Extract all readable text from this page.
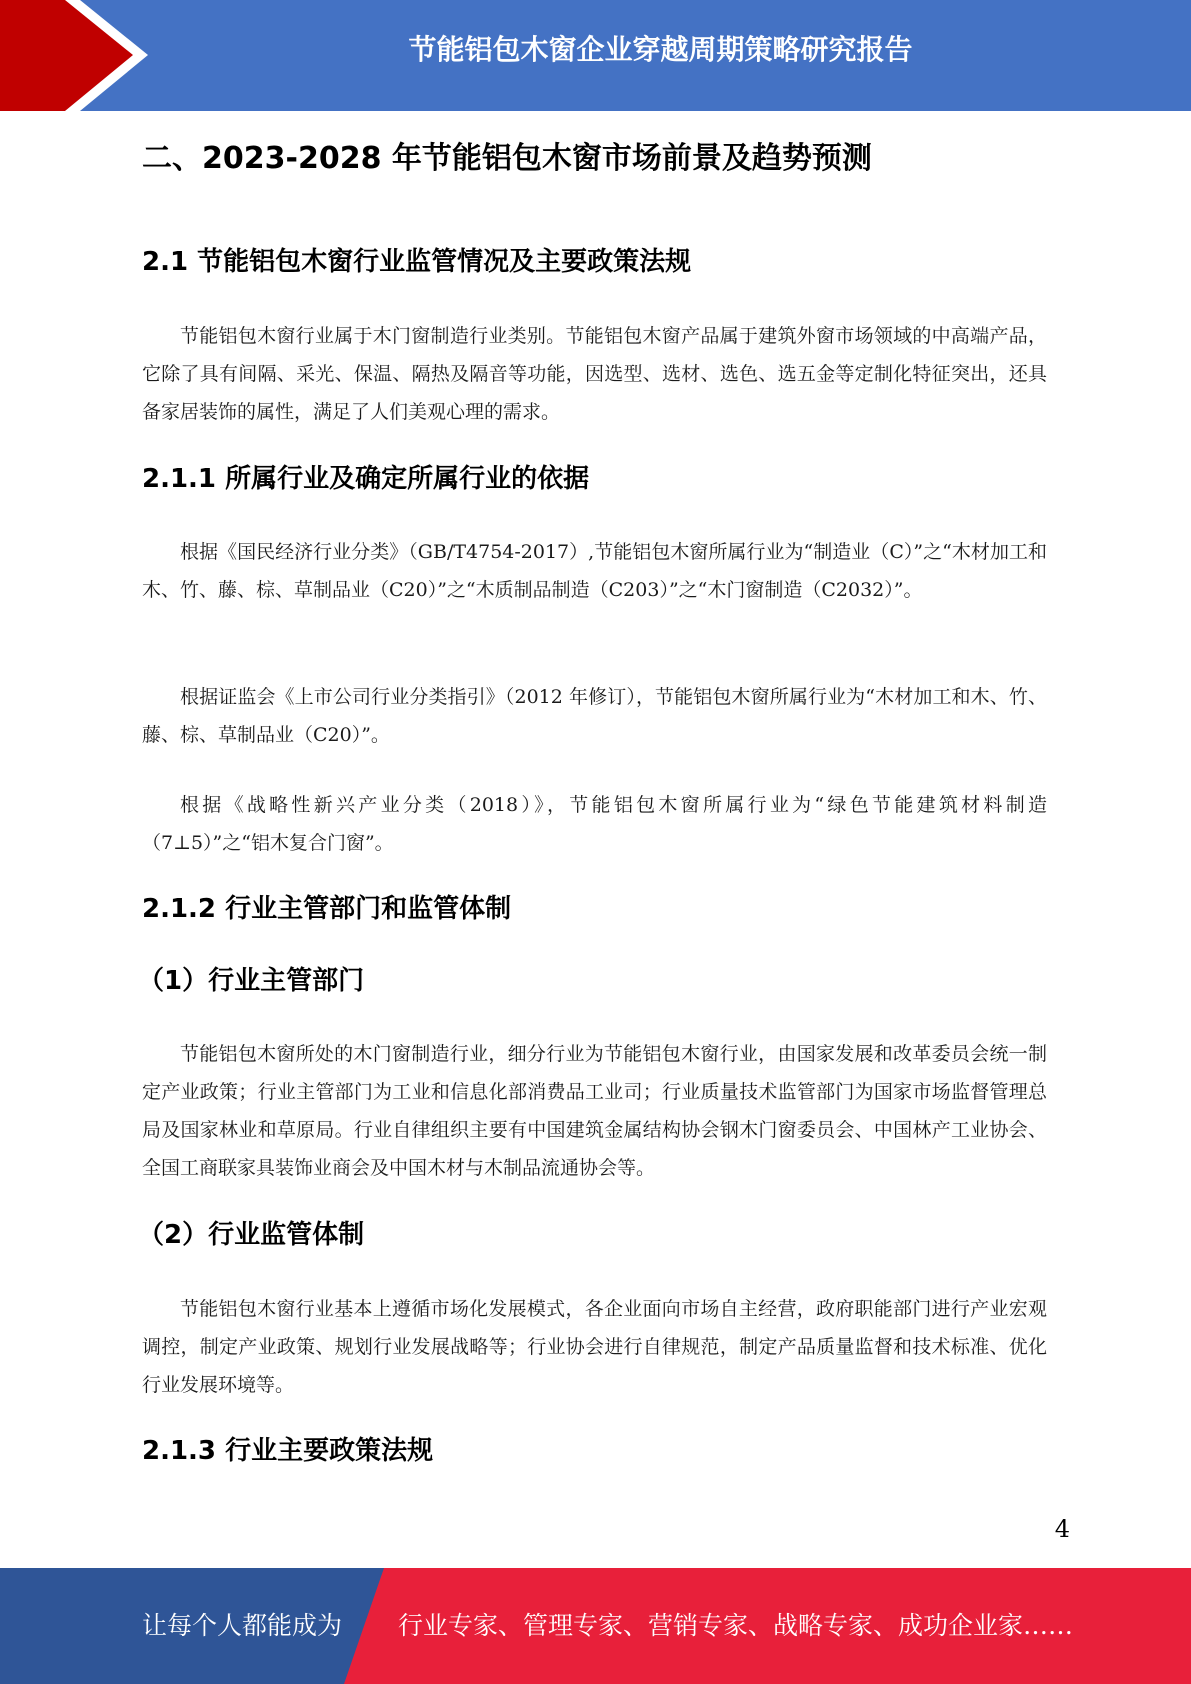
节能铝包木窗企业穿越周期策略研究报告
二、2023-2028 年节能铝包木窗市场前景及趋势预测
2.1 节能铝包木窗行业监管情况及主要政策法规

节能铝包木窗行业属于木门窗制造行业类别。节能铝包木窗产品属于建筑外窗市场领域的中高端产品，它除了具有间隔、采光、保温、隔热及隔音等功能，因选型、选材、选色、选五金等定制化特征突出，还具备家居装饰的属性，满足了人们美观心理的需求。

2.1.1 所属行业及确定所属行业的依据

根据《国民经济行业分类》（GB/T4754-2017）,节能铝包木窗所属行业为“制造业（C）”之“木材加工和木、竹、藤、棕、草制品业（C20）”之“木质制品制造（C203）”之“木门窗制造（C2032）”。

根据证监会《上市公司行业分类指引》（2012 年修订），节能铝包木窗所属行业为“木材加工和木、竹、藤、棕、草制品业（C20）”。

根据《战略性新兴产业分类（2018）》，节能铝包木窗所属行业为“绿色节能建筑材料制造（7⊥5）”之“铝木复合门窗”。

2.1.2 行业主管部门和监管体制
（1）行业主管部门

节能铝包木窗所处的木门窗制造行业，细分行业为节能铝包木窗行业，由国家发展和改革委员会统一制定产业政策；行业主管部门为工业和信息化部消费品工业司；行业质量技术监管部门为国家市场监督管理总局及国家林业和草原局。行业自律组织主要有中国建筑金属结构协会钢木门窗委员会、中国林产工业协会、全国工商联家具装饰业商会及中国木材与木制品流通协会等。

（2）行业监管体制

节能铝包木窗行业基本上遵循市场化发展模式，各企业面向市场自主经营，政府职能部门进行产业宏观调控，制定产业政策、规划行业发展战略等；行业协会进行自律规范，制定产品质量监督和技术标准、优化行业发展环境等。

2.1.3 行业主要政策法规
4
让每个人都能成为 行业专家、管理专家、营销专家、战略专家、成功企业家……
